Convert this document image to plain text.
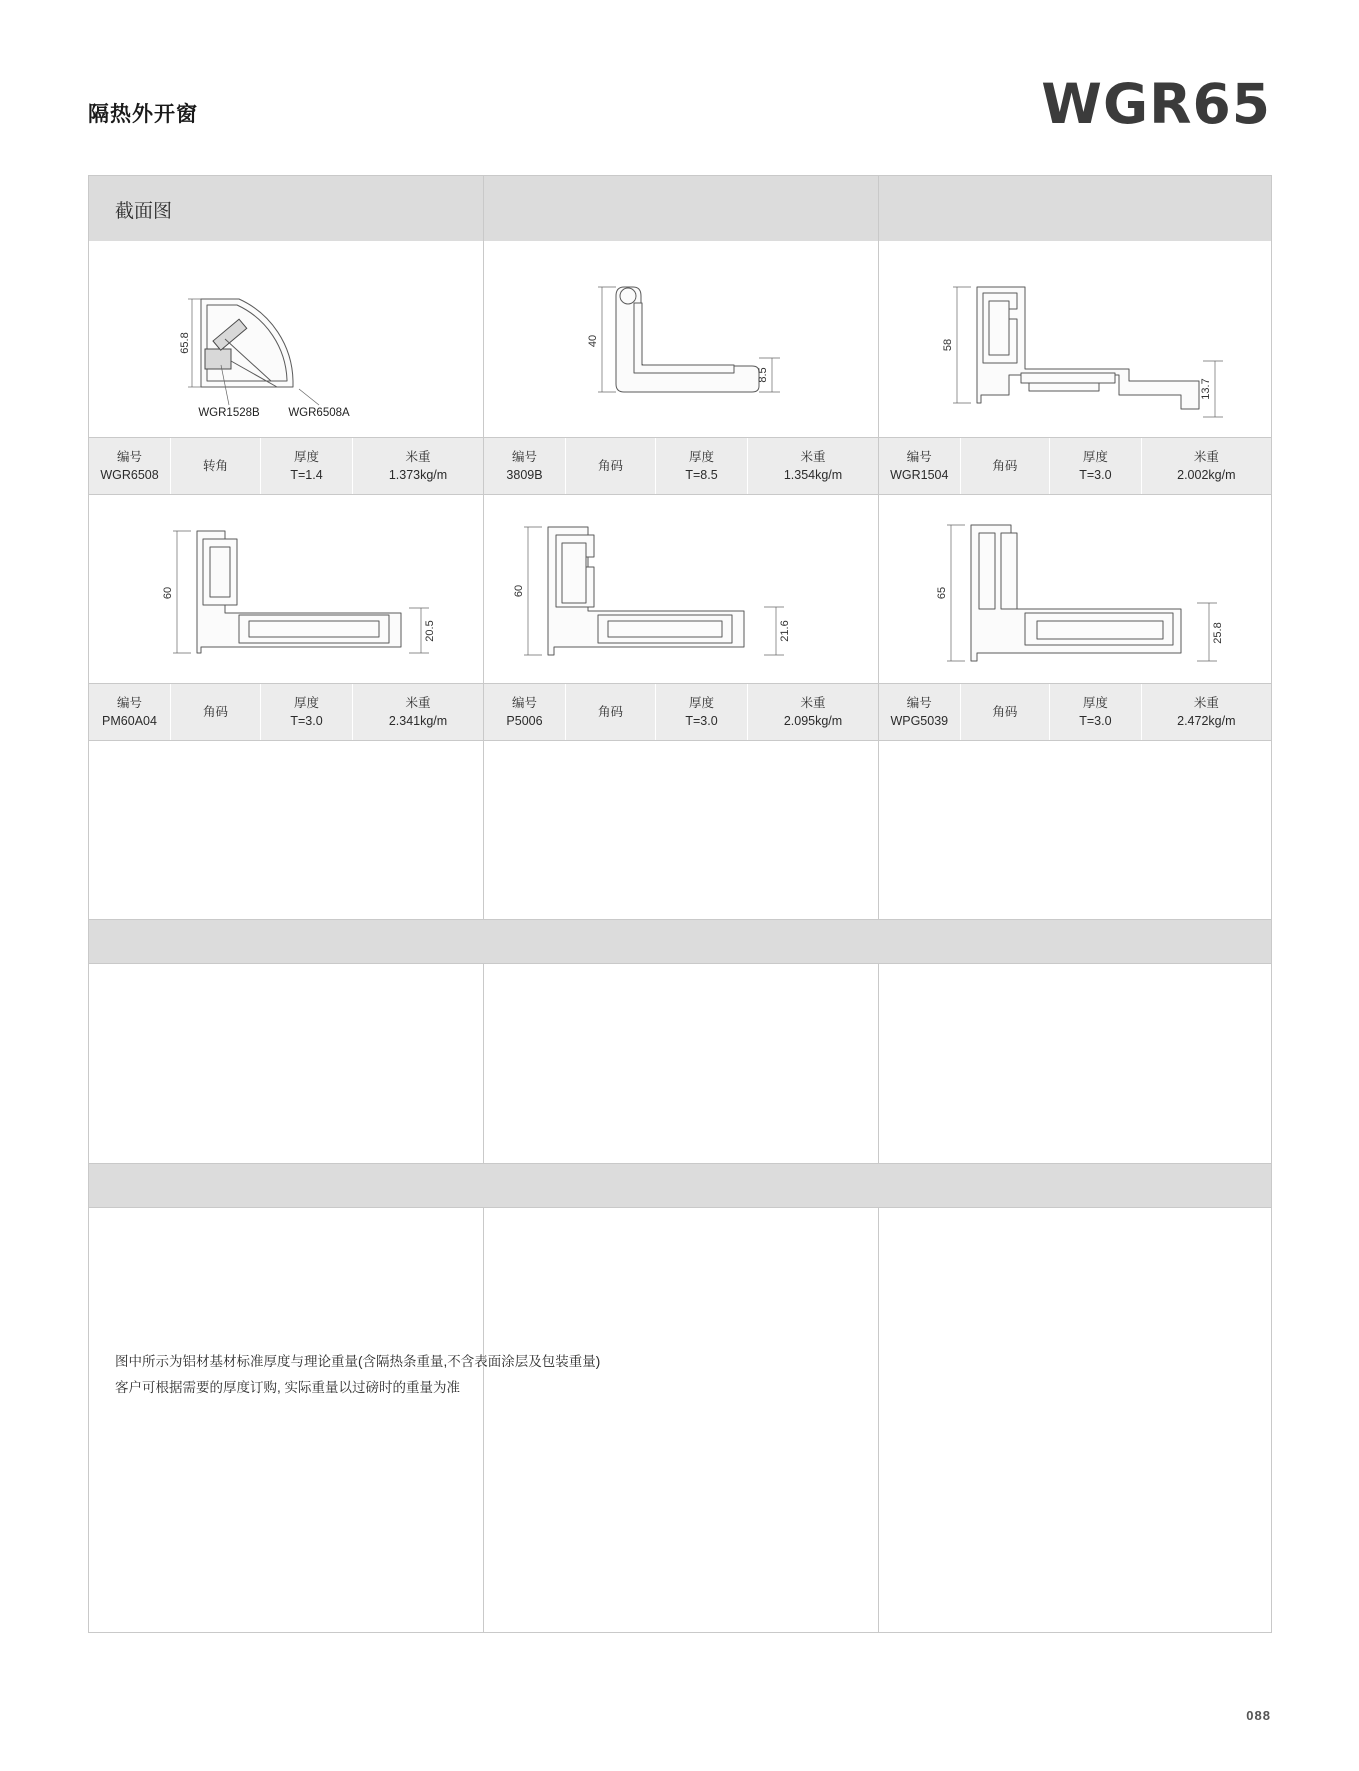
隔热外开窗	WGR65
截面图
65.8
WGR1528B WGR6508A
40
8.5
58
13.7
编号
WGR6508
转角
厚度
T=1.4
米重
1.373kg/m
编号
3809B
角码
厚度
T=8.5
米重
1.354kg/m
编号
WGR1504
角码
厚度
T=3.0
米重
2.002kg/m
60
20.5
60
21.6
65
25.8
编号
PM60A04
角码
厚度
T=3.0
米重
2.341kg/m
编号
P5006
角码
厚度
T=3.0
米重
2.095kg/m
编号
WPG5039
角码
厚度
T=3.0
米重
2.472kg/m
图中所示为铝材基材标准厚度与理论重量(含隔热条重量,不含表面涂层及包装重量)
客户可根据需要的厚度订购, 实际重量以过磅时的重量为准
088
